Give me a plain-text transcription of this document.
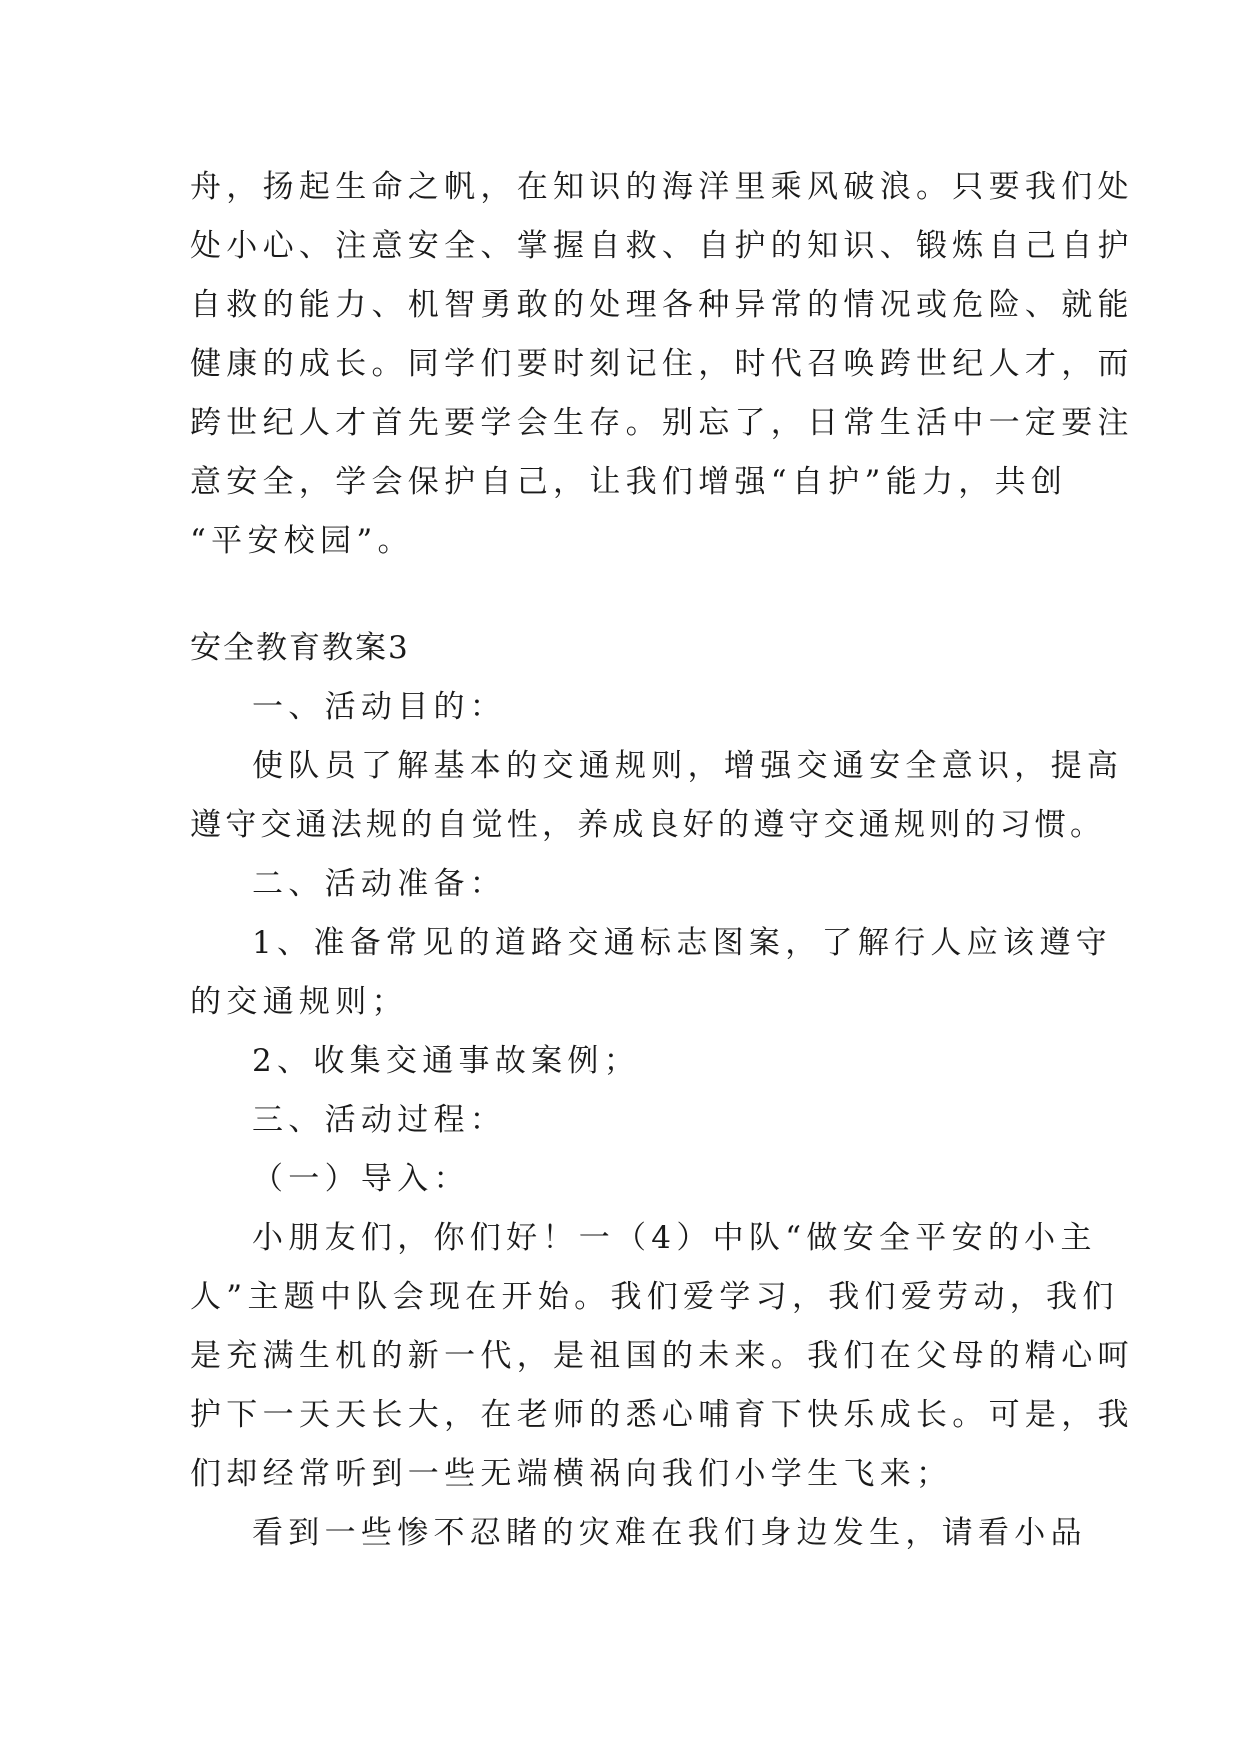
舟，扬起生命之帆，在知识的海洋里乘风破浪。只要我们处
处小心、注意安全、掌握自救、自护的知识、锻炼自己自护
自救的能力、机智勇敢的处理各种异常的情况或危险、就能
健康的成长。同学们要时刻记住，时代召唤跨世纪人才，而
跨世纪人才首先要学会生存。别忘了，日常生活中一定要注
意安全，学会保护自己，让我们增强“自护”能力，共创
“平安校园”。
安全教育教案3
一、活动目的：
使队员了解基本的交通规则，增强交通安全意识，提高
遵守交通法规的自觉性，养成良好的遵守交通规则的习惯。
二、活动准备：
1、准备常见的道路交通标志图案，了解行人应该遵守
的交通规则；
2、收集交通事故案例；
三、活动过程：
（一）导入：
小朋友们，你们好！一（4）中队“做安全平安的小主
人”主题中队会现在开始。我们爱学习，我们爱劳动，我们
是充满生机的新一代，是祖国的未来。我们在父母的精心呵
护下一天天长大，在老师的悉心哺育下快乐成长。可是，我
们却经常听到一些无端横祸向我们小学生飞来；
看到一些惨不忍睹的灾难在我们身边发生，请看小品
